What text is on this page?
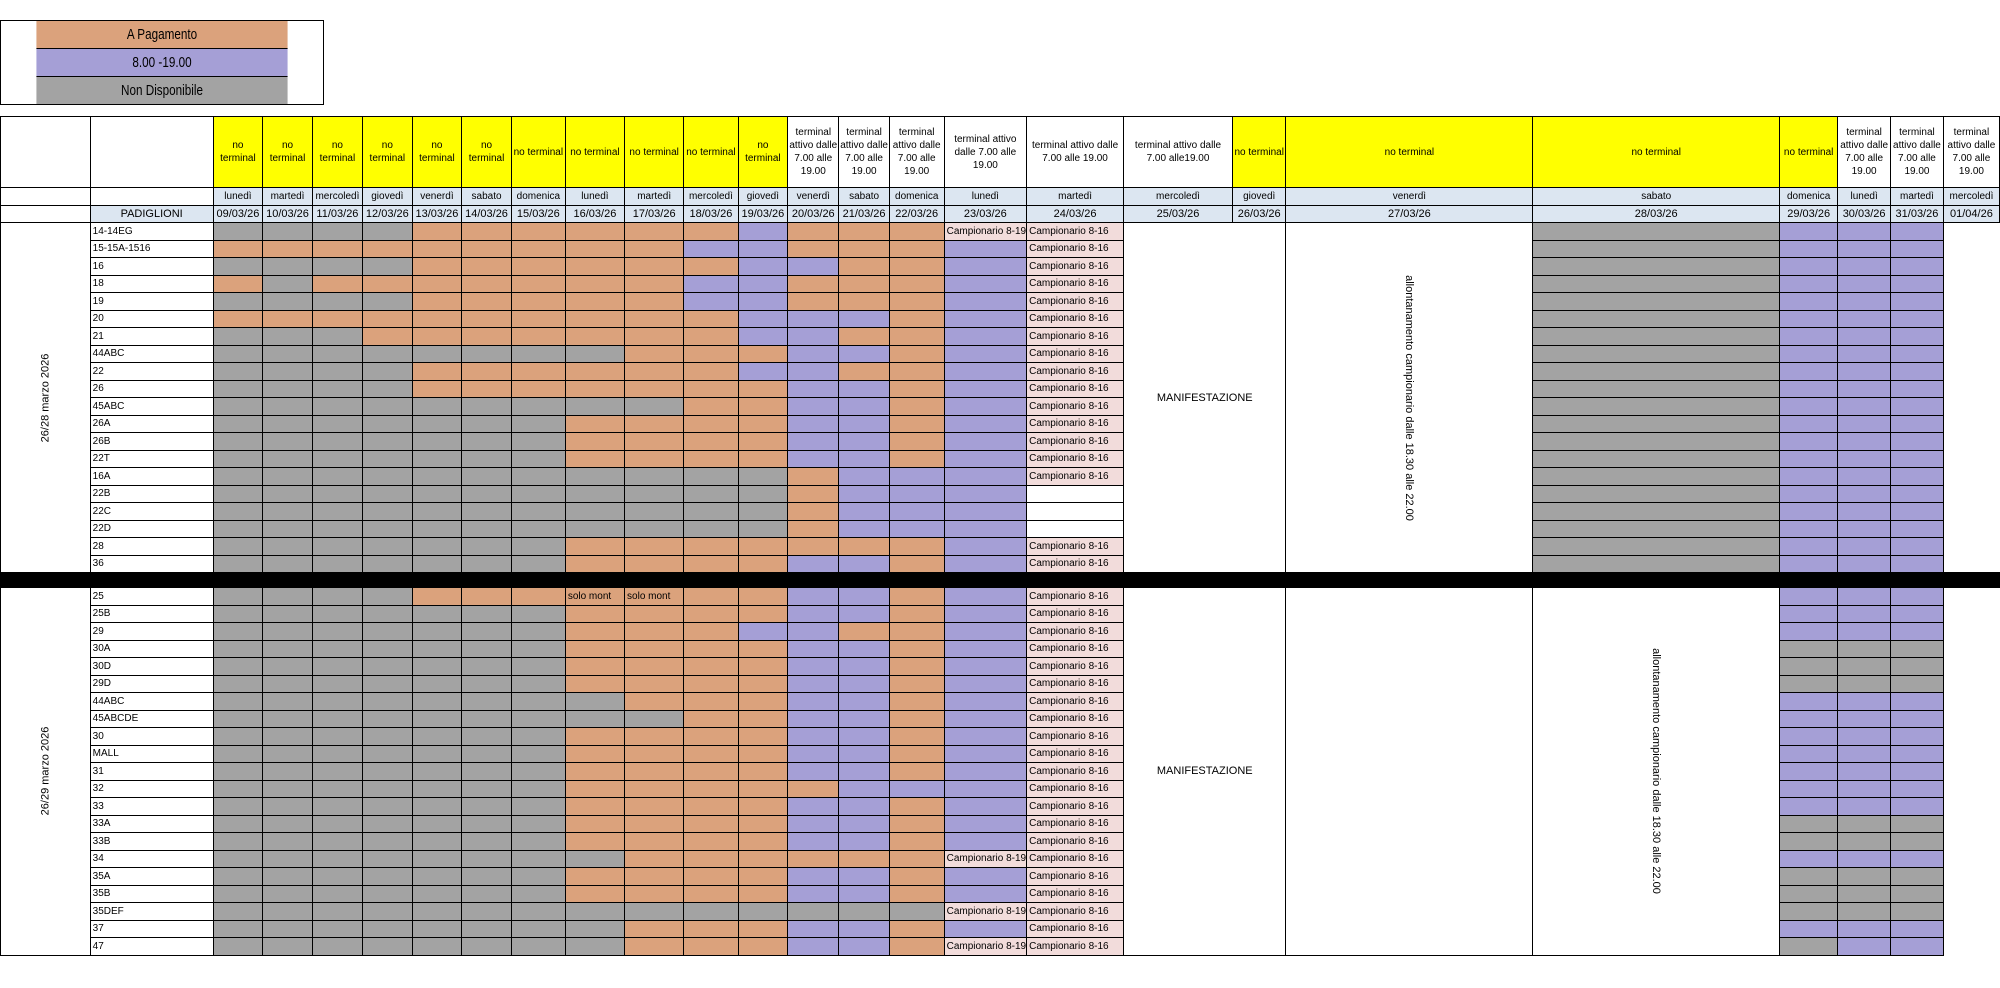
A Pagamento
8.00 -19.00
Non Disponibile
		no terminal	no terminal	no terminal	no terminal	no terminal	no terminal	no terminal	no terminal	no terminal	no terminal	no terminal	terminal attivo dalle 7.00 alle 19.00	terminal attivo dalle 7.00 alle 19.00	terminal attivo dalle 7.00 alle 19.00	terminal attivo dalle 7.00 alle 19.00	terminal attivo dalle 7.00 alle 19.00	terminal attivo dalle 7.00 alle19.00	no terminal	no terminal	no terminal	no terminal	terminal attivo dalle 7.00 alle 19.00	terminal attivo dalle 7.00 alle 19.00	terminal attivo dalle 7.00 alle 19.00
		lunedì	martedì	mercoledì	giovedì	venerdì	sabato	domenica	lunedì	martedì	mercoledì	giovedì	venerdì	sabato	domenica	lunedì	martedì	mercoledì	giovedì	venerdì	sabato	domenica	lunedì	martedì	mercoledì
	PADIGLIONI	09/03/26	10/03/26	11/03/26	12/03/26	13/03/26	14/03/26	15/03/26	16/03/26	17/03/26	18/03/26	19/03/26	20/03/26	21/03/26	22/03/26	23/03/26	24/03/26	25/03/26	26/03/26	27/03/26	28/03/26	29/03/26	30/03/26	31/03/26	01/04/26
26/28 marzo 2026	14-14EG															Campionario 8-19	Campionario 8-16	MANIFESTAZIONE		allontanamento campionario dalle 18.30 alle 22.00					
	15-15A-1516																Campionario 8-16								
	16																Campionario 8-16								
	18																Campionario 8-16								
	19																Campionario 8-16								
	20																Campionario 8-16								
	21																Campionario 8-16								
	44ABC																Campionario 8-16								
	22																Campionario 8-16								
	26																Campionario 8-16								
	45ABC																Campionario 8-16								
	26A																Campionario 8-16								
	26B																Campionario 8-16								
	22T																Campionario 8-16								
	16A																Campionario 8-16								
	22B																								
	22C																								
	22D																								
	28																Campionario 8-16								
	36																Campionario 8-16								

26/29 marzo 2026	25								solo mont	solo mont							Campionario 8-16	MANIFESTAZIONE			allontanamento campionario dalle 18.30 alle 22.00				
	25B																Campionario 8-16								
	29																Campionario 8-16								
	30A																Campionario 8-16								
	30D																Campionario 8-16								
	29D																Campionario 8-16								
	44ABC																Campionario 8-16								
	45ABCDE																Campionario 8-16								
	30																Campionario 8-16								
	MALL																Campionario 8-16								
	31																Campionario 8-16								
	32																Campionario 8-16								
	33																Campionario 8-16								
	33A																Campionario 8-16								
	33B																Campionario 8-16								
	34															Campionario 8-19	Campionario 8-16								
	35A																Campionario 8-16								
	35B																Campionario 8-16								
	35DEF															Campionario 8-19	Campionario 8-16								
	37																Campionario 8-16								
	47															Campionario 8-19	Campionario 8-16								
